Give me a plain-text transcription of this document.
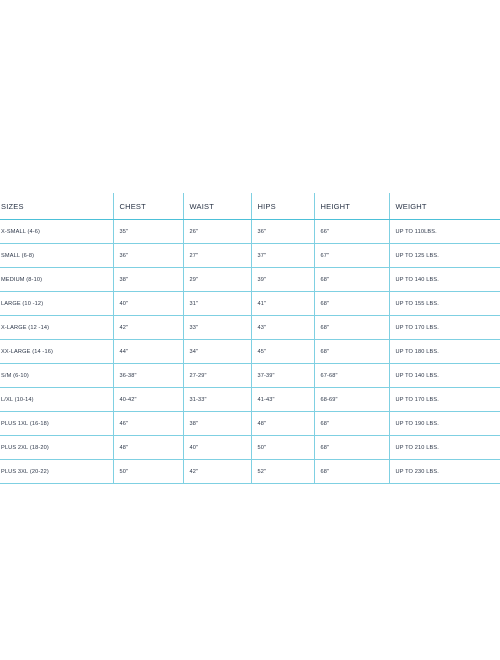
SIZES	CHEST	WAIST	HIPS	HEIGHT	WEIGHT
X-SMALL (4-6)	35"	26"	36"	66"	UP TO 110LBS.
SMALL (6-8)	36"	27"	37"	67"	UP TO 125 LBS.
MEDIUM (8-10)	38"	29"	39"	68"	UP TO 140 LBS.
LARGE (10 -12)	40"	31"	41"	68"	UP TO 155 LBS.
X-LARGE (12 -14)	42"	33"	43"	68"	UP TO 170 LBS.
XX-LARGE (14 -16)	44"	34"	45"	68"	UP TO 180 LBS.
S/M (6-10)	36-38"	27-29"	37-39"	67-68"	UP TO 140 LBS.
L/XL (10-14)	40-42"	31-33"	41-43"	68-69"	UP TO 170 LBS.
PLUS 1XL (16-18)	46"	38"	48"	68"	UP TO 190 LBS.
PLUS 2XL (18-20)	48"	40"	50"	68"	UP TO 210 LBS.
PLUS 3XL (20-22)	50"	42"	52"	68"	UP TO 230 LBS.
